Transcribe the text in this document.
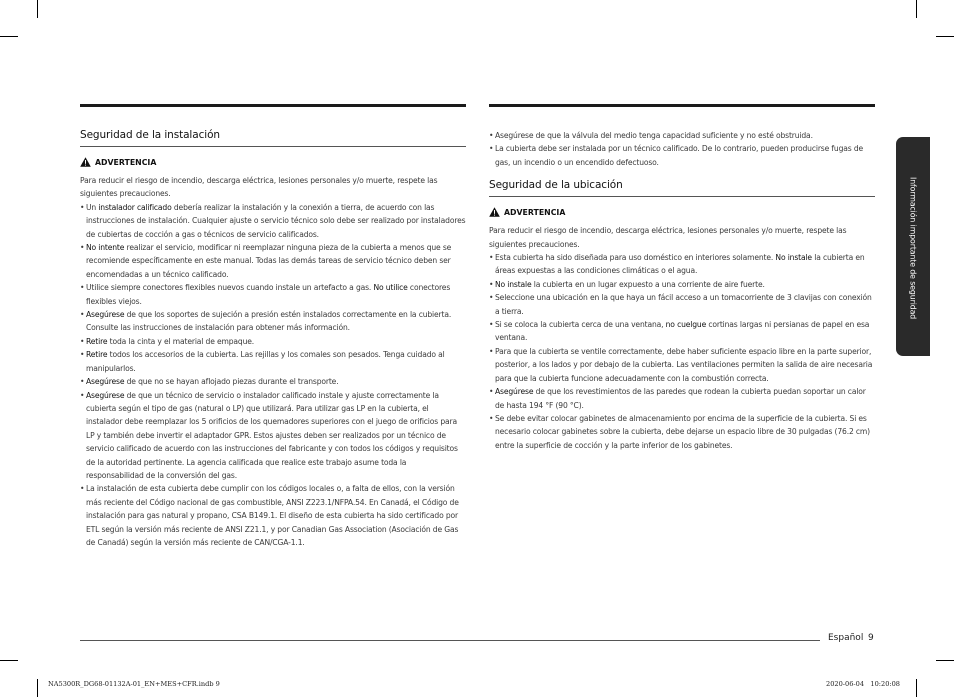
Seguridad de la instalación
ADVERTENCIA

Para reducir el riesgo de incendio, descarga eléctrica, lesiones personales y/o muerte, respete las siguientes precauciones.

• Un instalador calificado debería realizar la instalación y la conexión a tierra, de acuerdo con las instrucciones de instalación. Cualquier ajuste o servicio técnico solo debe ser realizado por instaladores de cubiertas de cocción a gas o técnicos de servicio calificados.
• No intente realizar el servicio, modificar ni reemplazar ninguna pieza de la cubierta a menos que se recomiende específicamente en este manual. Todas las demás tareas de servicio técnico deben ser encomendadas a un técnico calificado.
• Utilice siempre conectores flexibles nuevos cuando instale un artefacto a gas. No utilice conectores flexibles viejos.
• Asegúrese de que los soportes de sujeción a presión estén instalados correctamente en la cubierta. Consulte las instrucciones de instalación para obtener más información.
• Retire toda la cinta y el material de empaque.
• Retire todos los accesorios de la cubierta. Las rejillas y los comales son pesados. Tenga cuidado al manipularlos.
• Asegúrese de que no se hayan aflojado piezas durante el transporte.
• Asegúrese de que un técnico de servicio o instalador calificado instale y ajuste correctamente la cubierta según el tipo de gas (natural o LP) que utilizará. Para utilizar gas LP en la cubierta, el instalador debe reemplazar los 5 orificios de los quemadores superiores con el juego de orificios para LP y también debe invertir el adaptador GPR. Estos ajustes deben ser realizados por un técnico de servicio calificado de acuerdo con las instrucciones del fabricante y con todos los códigos y requisitos de la autoridad pertinente. La agencia calificada que realice este trabajo asume toda la responsabilidad de la conversión del gas.
• La instalación de esta cubierta debe cumplir con los códigos locales o, a falta de ellos, con la versión más reciente del Código nacional de gas combustible, ANSI Z223.1/NFPA.54. En Canadá, el Código de instalación para gas natural y propano, CSA B149.1. El diseño de esta cubierta ha sido certificado por ETL según la versión más reciente de ANSI Z21.1, y por Canadian Gas Association (Asociación de Gas de Canadá) según la versión más reciente de CAN/CGA-1.1.
• Asegúrese de que la válvula del medio tenga capacidad suficiente y no esté obstruida.
• La cubierta debe ser instalada por un técnico calificado. De lo contrario, pueden producirse fugas de gas, un incendio o un encendido defectuoso.
Seguridad de la ubicación
ADVERTENCIA

Para reducir el riesgo de incendio, descarga eléctrica, lesiones personales y/o muerte, respete las siguientes precauciones.

• Esta cubierta ha sido diseñada para uso doméstico en interiores solamente. No instale la cubierta en áreas expuestas a las condiciones climáticas o el agua.
• No instale la cubierta en un lugar expuesto a una corriente de aire fuerte.
• Seleccione una ubicación en la que haya un fácil acceso a un tomacorriente de 3 clavijas con conexión a tierra.
• Si se coloca la cubierta cerca de una ventana, no cuelgue cortinas largas ni persianas de papel en esa ventana.
• Para que la cubierta se ventile correctamente, debe haber suficiente espacio libre en la parte superior, posterior, a los lados y por debajo de la cubierta. Las ventilaciones permiten la salida de aire necesaria para que la cubierta funcione adecuadamente con la combustión correcta.
• Asegúrese de que los revestimientos de las paredes que rodean la cubierta puedan soportar un calor de hasta 194 °F (90 °C).
• Se debe evitar colocar gabinetes de almacenamiento por encima de la superficie de la cubierta. Si es necesario colocar gabinetes sobre la cubierta, debe dejarse un espacio libre de 30 pulgadas (76.2 cm) entre la superficie de cocción y la parte inferior de los gabinetes.
Información importante de seguridad
Español 9
NA5300R_DG68-01132A-01_EN+MES+CFR.indb 9	2020-06-04   10:20:08
